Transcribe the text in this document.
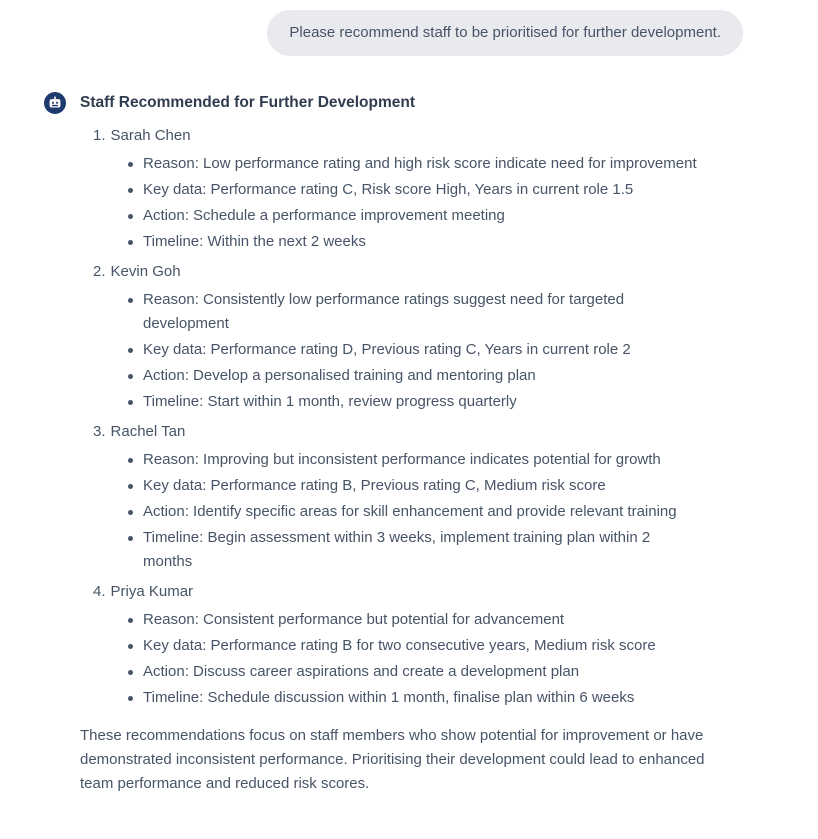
Please recommend staff to be prioritised for further development.
Staff Recommended for Further Development
1. Sarah Chen
Reason: Low performance rating and high risk score indicate need for improvement
Key data: Performance rating C, Risk score High, Years in current role 1.5
Action: Schedule a performance improvement meeting
Timeline: Within the next 2 weeks
2. Kevin Goh
Reason: Consistently low performance ratings suggest need for targeted development
Key data: Performance rating D, Previous rating C, Years in current role 2
Action: Develop a personalised training and mentoring plan
Timeline: Start within 1 month, review progress quarterly
3. Rachel Tan
Reason: Improving but inconsistent performance indicates potential for growth
Key data: Performance rating B, Previous rating C, Medium risk score
Action: Identify specific areas for skill enhancement and provide relevant training
Timeline: Begin assessment within 3 weeks, implement training plan within 2 months
4. Priya Kumar
Reason: Consistent performance but potential for advancement
Key data: Performance rating B for two consecutive years, Medium risk score
Action: Discuss career aspirations and create a development plan
Timeline: Schedule discussion within 1 month, finalise plan within 6 weeks

These recommendations focus on staff members who show potential for improvement or have demonstrated inconsistent performance. Prioritising their development could lead to enhanced team performance and reduced risk scores.
